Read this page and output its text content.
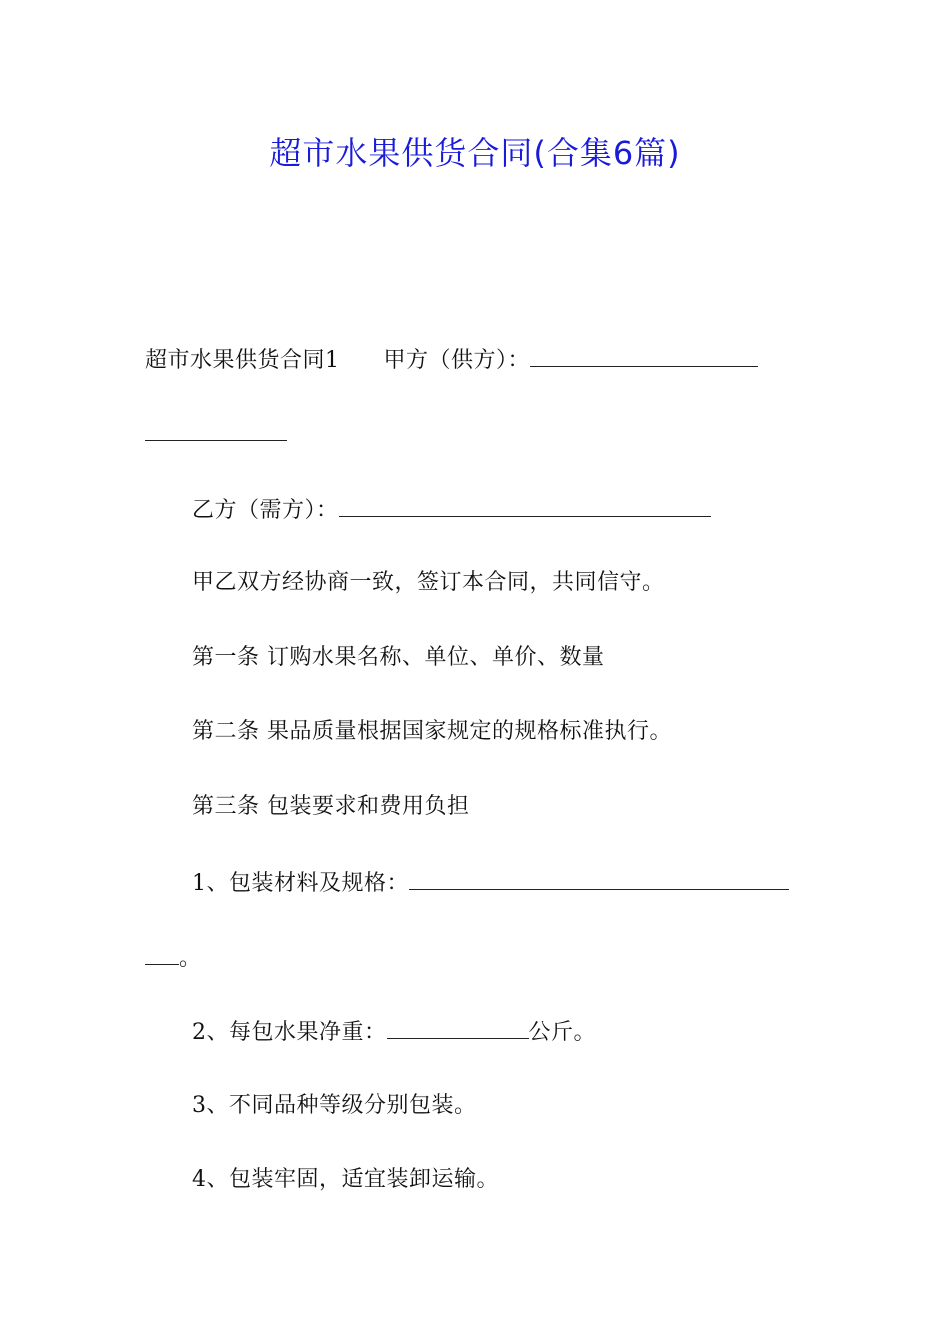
超市水果供货合同(合集6篇)
超市水果供货合同1 甲方（供方）：
乙方（需方）：
甲乙双方经协商一致，签订本合同，共同信守。
第一条 订购水果名称、单位、单价、数量
第二条 果品质量根据国家规定的规格标准执行。
第三条 包装要求和费用负担
1、包装材料及规格：
。
2、每包水果净重：	公斤。
3、不同品种等级分别包装。
4、包装牢固，适宜装卸运输。
